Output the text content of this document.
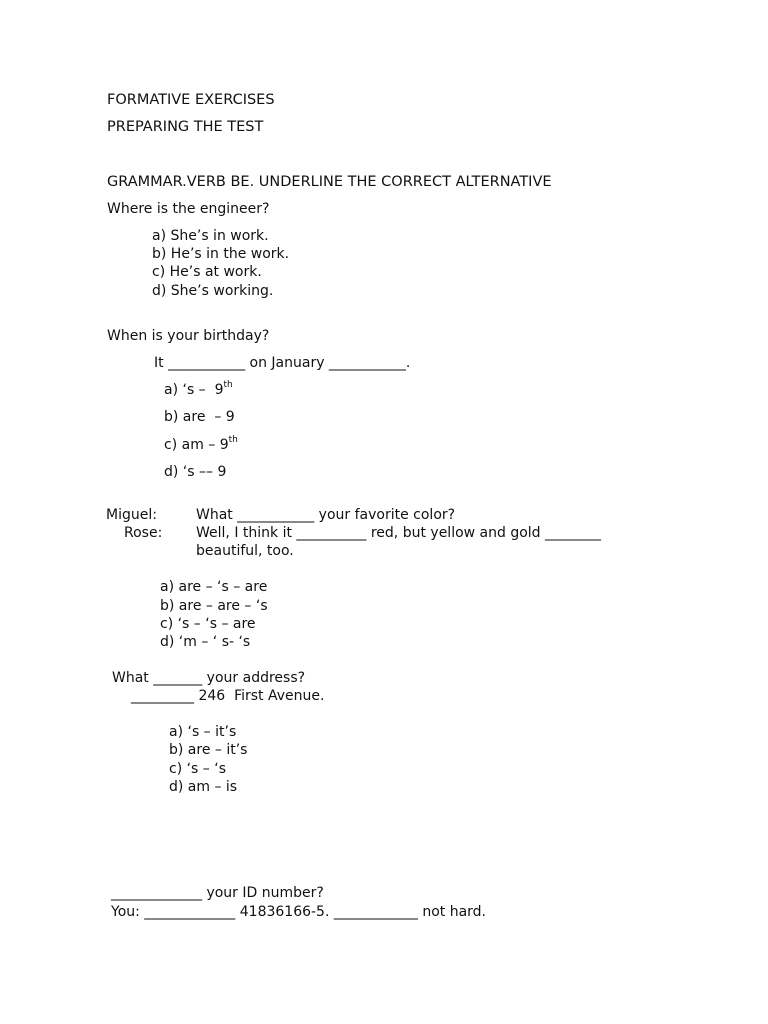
FORMATIVE EXERCISES
PREPARING THE TEST
GRAMMAR.VERB BE. UNDERLINE THE CORRECT ALTERNATIVE
Where is the engineer?
a) She’s in work.
b) He’s in the work.
c) He’s at work.
d) She’s working.
When is your birthday?
It ___________ on January ___________.
a) ‘s –  9th
b) are  – 9
c) am – 9th
d) ‘s –– 9
Miguel:	What ___________ your favorite color?
Rose: Well, I think it __________ red, but yellow and gold ________
beautiful, too.
a) are – ‘s – are
b) are – are – ‘s
c) ‘s – ‘s – are
d) ‘m – ‘ s- ‘s
What _______ your address?
_________ 246  First Avenue.
a) ‘s – it’s
b) are – it’s
c) ‘s – ‘s
d) am – is
_____________ your ID number?
You: _____________ 41836166-5. ____________ not hard.
